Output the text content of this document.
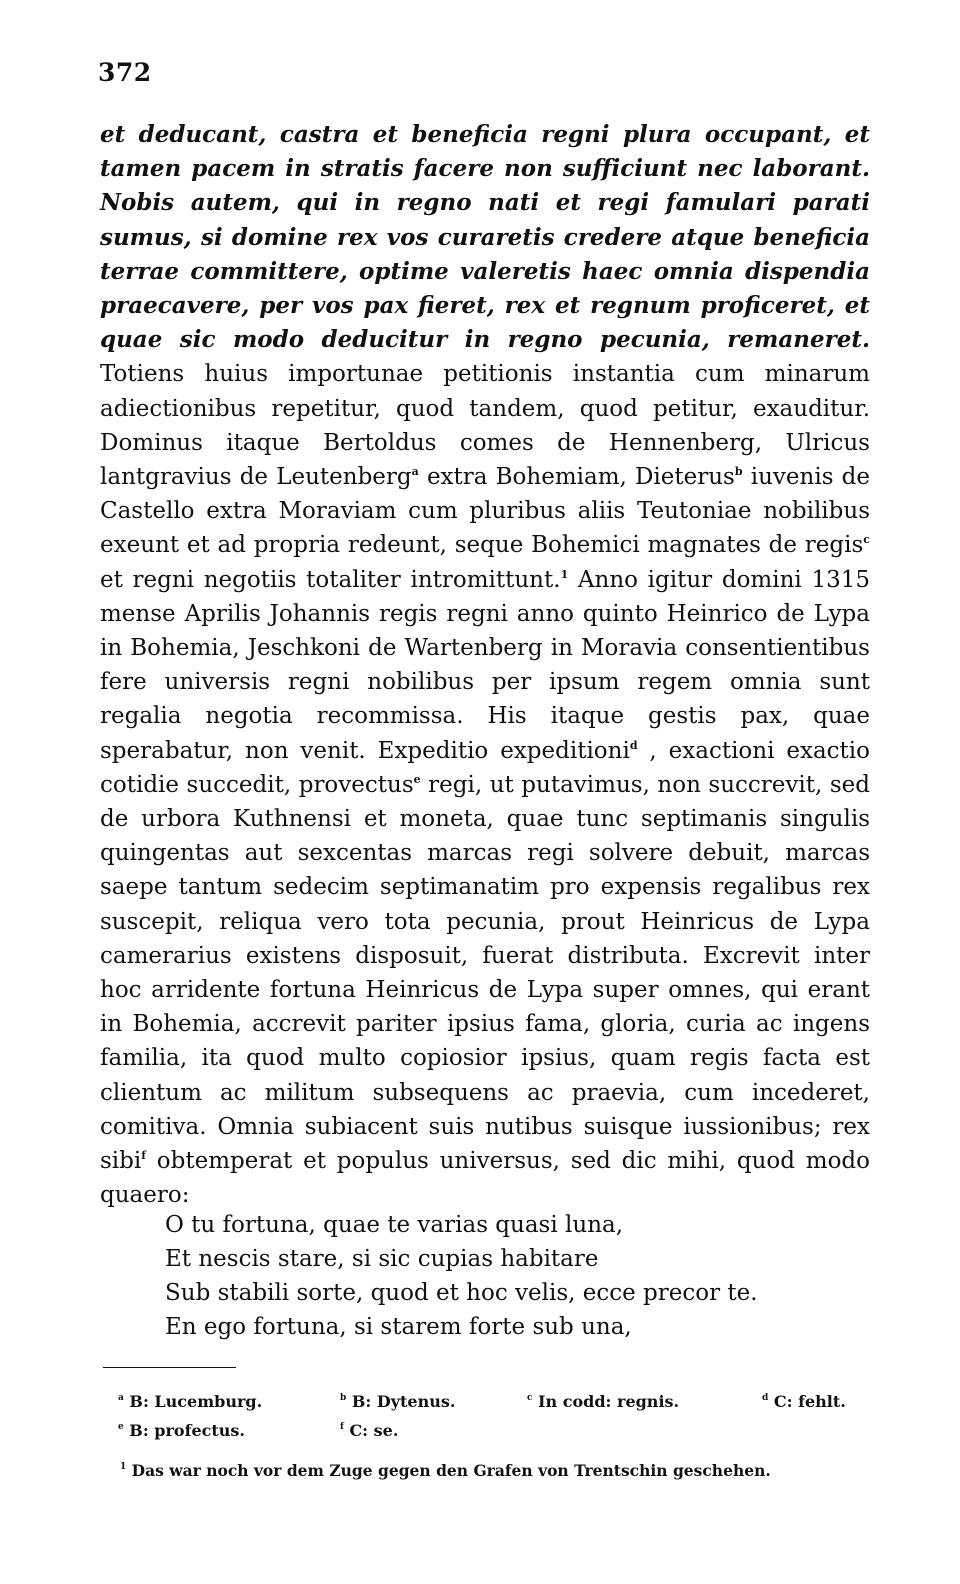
372

et deducant, castra et beneficia regni plura occupant, et tamen pacem in stratis facere non sufficiunt nec laborant. Nobis autem, qui in regno nati et regi famulari parati sumus, si domine rex vos curaretis credere atque beneficia terrae committere, optime valeretis haec omnia dispendia praecavere, per vos pax fieret, rex et regnum proficeret, et quae sic modo deducitur in regno pecunia, remaneret. Totiens huius importunae petitionis instantia cum minarum adiectionibus repetitur, quod tandem, quod petitur, exauditur. Dominus itaque Bertoldus comes de Hennenberg, Ulricus lantgravius de Leutenberg$^a$ extra Bohemiam, Dieterus$^b$ iuvenis de Castello extra Moraviam cum pluribus aliis Teutoniae nobilibus exeunt et ad propria redeunt, seque Bohemici magnates de regis$^c$ et regni negotiis totaliter intromittunt.$^1$ Anno igitur domini 1315 mense Aprilis Johannis regis regni anno quinto Heinrico de Lypa in Bohemia, Jeschkoni de Wartenberg in Moravia consentientibus fere universis regni nobilibus per ipsum regem omnia sunt regalia negotia recommissa. His itaque gestis pax, quae sperabatur, non venit. Expeditio expeditioni$^d$ , exactioni exactio cotidie succedit, provectus$^e$ regi, ut putavimus, non succrevit, sed de urbora Kuthnensi et moneta, quae tunc septimanis singulis quingentas aut sexcentas marcas regi solvere debuit, marcas saepe tantum sedecim septimanatim pro expensis regalibus rex suscepit, reliqua vero tota pecunia, prout Heinricus de Lypa camerarius existens disposuit, fuerat distributa. Excrevit inter hoc arridente fortuna Heinricus de Lypa super omnes, qui erant in Bohemia, accrevit pariter ipsius fama, gloria, curia ac ingens familia, ita quod multo copiosior ipsius, quam regis facta est clientum ac militum subsequens ac praevia, cum incederet, comitiva. Omnia subiacent suis nutibus suisque iussionibus; rex sibi$^f$ obtemperat et populus universus, sed dic mihi, quod modo quaero:

O tu fortuna, quae te varias quasi luna,
Et nescis stare, si sic cupias habitare
Sub stabili sorte, quod et hoc velis, ecce precor te.
En ego fortuna, si starem forte sub una,
$^a$ B: Lucemburg.	$^b$ B: Dytenus.	$^c$ In codd: regnis.	$^d$ C: fehlt.
$^e$ B: profectus.	$^f$ C: se.
$^1$ Das war noch vor dem Zuge gegen den Grafen von Trentschin geschehen.
